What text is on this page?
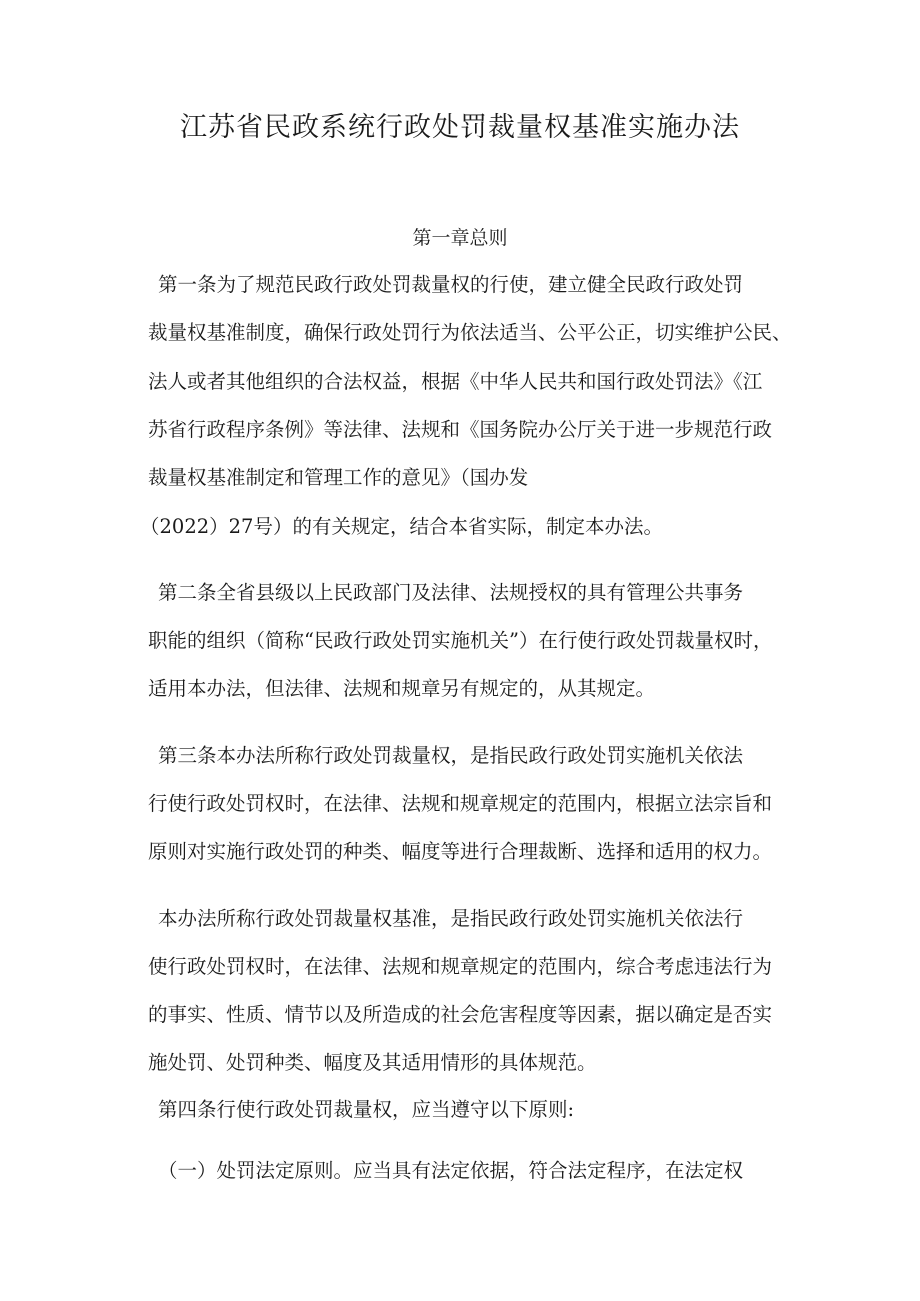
江苏省民政系统行政处罚裁量权基准实施办法
第一章总则
第一条为了规范民政行政处罚裁量权的行使，建立健全民政行政处罚
裁量权基准制度，确保行政处罚行为依法适当、公平公正，切实维护公民、
法人或者其他组织的合法权益，根据《中华人民共和国行政处罚法》《江
苏省行政程序条例》等法律、法规和《国务院办公厅关于进一步规范行政
裁量权基准制定和管理工作的意见》（国办发
（2022）27号）的有关规定，结合本省实际，制定本办法。
第二条全省县级以上民政部门及法律、法规授权的具有管理公共事务
职能的组织（简称“民政行政处罚实施机关”）在行使行政处罚裁量权时，
适用本办法，但法律、法规和规章另有规定的，从其规定。
第三条本办法所称行政处罚裁量权，是指民政行政处罚实施机关依法
行使行政处罚权时，在法律、法规和规章规定的范围内，根据立法宗旨和
原则对实施行政处罚的种类、幅度等进行合理裁断、选择和适用的权力。
本办法所称行政处罚裁量权基准，是指民政行政处罚实施机关依法行
使行政处罚权时，在法律、法规和规章规定的范围内，综合考虑违法行为
的事实、性质、情节以及所造成的社会危害程度等因素，据以确定是否实
施处罚、处罚种类、幅度及其适用情形的具体规范。
第四条行使行政处罚裁量权，应当遵守以下原则:
（一）处罚法定原则。应当具有法定依据，符合法定程序，在法定权
